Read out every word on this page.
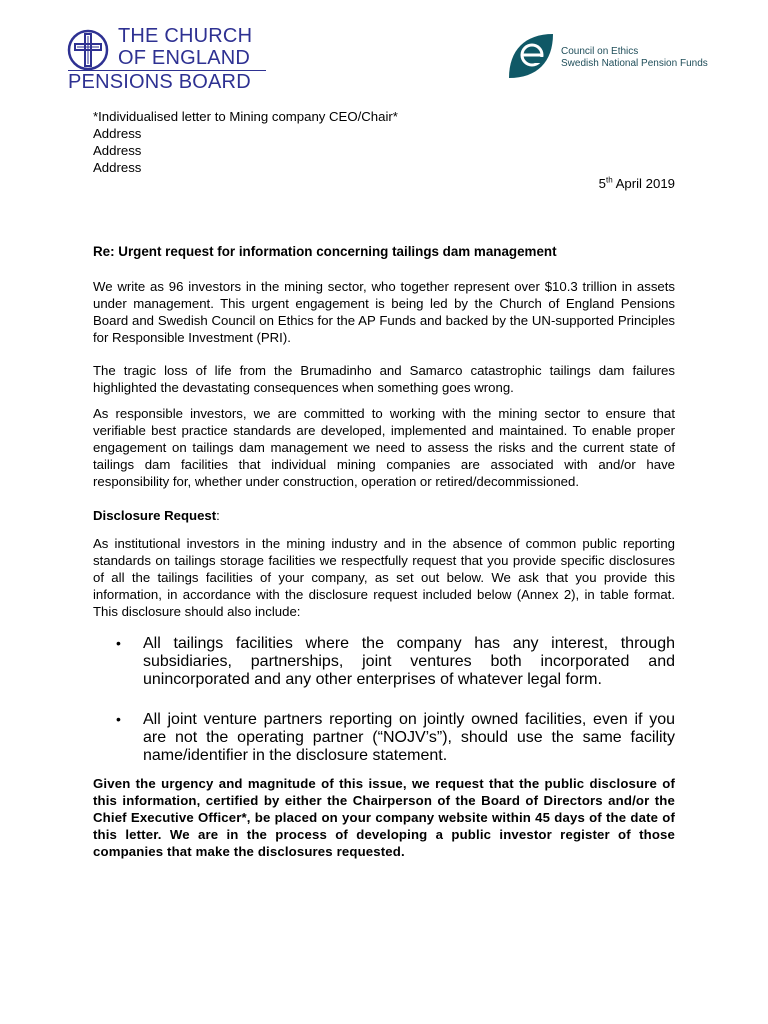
THE CHURCH
OF ENGLAND
PENSIONS BOARD
Council on Ethics
Swedish National Pension Funds
*Individualised letter to Mining company CEO/Chair*
Address
Address
Address
5th April 2019
Re: Urgent request for information concerning tailings dam management

We write as 96 investors in the mining sector, who together represent over $10.3 trillion in assets under management. This urgent engagement is being led by the Church of England Pensions Board and Swedish Council on Ethics for the AP Funds and backed by the UN-supported Principles for Responsible Investment (PRI).

The tragic loss of life from the Brumadinho and Samarco catastrophic tailings dam failures highlighted the devastating consequences when something goes wrong.

As responsible investors, we are committed to working with the mining sector to ensure that verifiable best practice standards are developed, implemented and maintained. To enable proper engagement on tailings dam management we need to assess the risks and the current state of tailings dam facilities that individual mining companies are associated with and/or have responsibility for, whether under construction, operation or retired/decommissioned.

Disclosure Request:

As institutional investors in the mining industry and in the absence of common public reporting standards on tailings storage facilities we respectfully request that you provide specific disclosures of all the tailings facilities of your company, as set out below. We ask that you provide this information, in accordance with the disclosure request included below (Annex 2), in table format. This disclosure should also include:

• All tailings facilities where the company has any interest, through subsidiaries, partnerships, joint ventures both incorporated and unincorporated and any other enterprises of whatever legal form.
• All joint venture partners reporting on jointly owned facilities, even if you are not the operating partner (“NOJV’s”), should use the same facility name/identifier in the disclosure statement.

Given the urgency and magnitude of this issue, we request that the public disclosure of this information, certified by either the Chairperson of the Board of Directors and/or the Chief Executive Officer*, be placed on your company website within 45 days of the date of this letter. We are in the process of developing a public investor register of those companies that make the disclosures requested.
